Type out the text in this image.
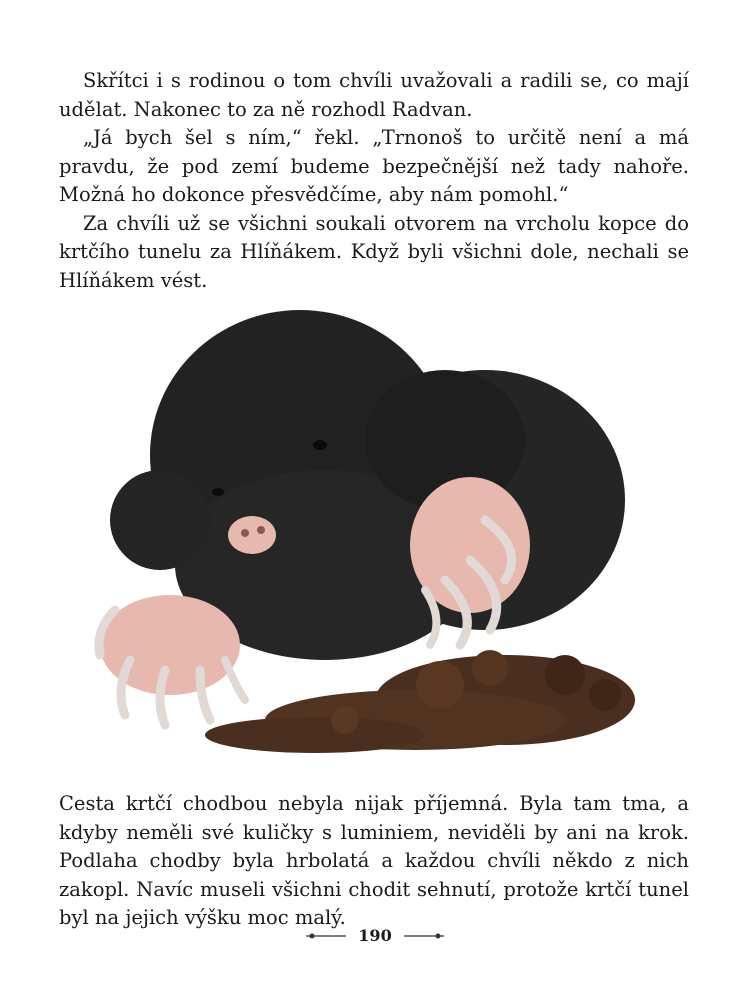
Skřítci i s rodinou o tom chvíli uvažovali a radili se, co mají udělat. Nakonec to za ně rozhodl Radvan.

„Já bych šel s ním,“ řekl. „Trnonoš to určitě není a má pravdu, že pod zemí budeme bezpečnější než tady nahoře. Možná ho dokonce přesvědčíme, aby nám pomohl.“

Za chvíli už se všichni soukali otvorem na vrcholu kopce do krtčího tunelu za Hlíňákem. Když byli všichni dole, nechali se Hlíňákem vést.

Cesta krtčí chodbou nebyla nijak příjemná. Byla tam tma, a kdyby neměli své kuličky s luminiem, neviděli by ani na krok. Podlaha chodby byla hrbolatá a každou chvíli někdo z nich zakopl. Navíc museli všichni chodit sehnutí, protože krtčí tunel byl na jejich výšku moc malý.

190
